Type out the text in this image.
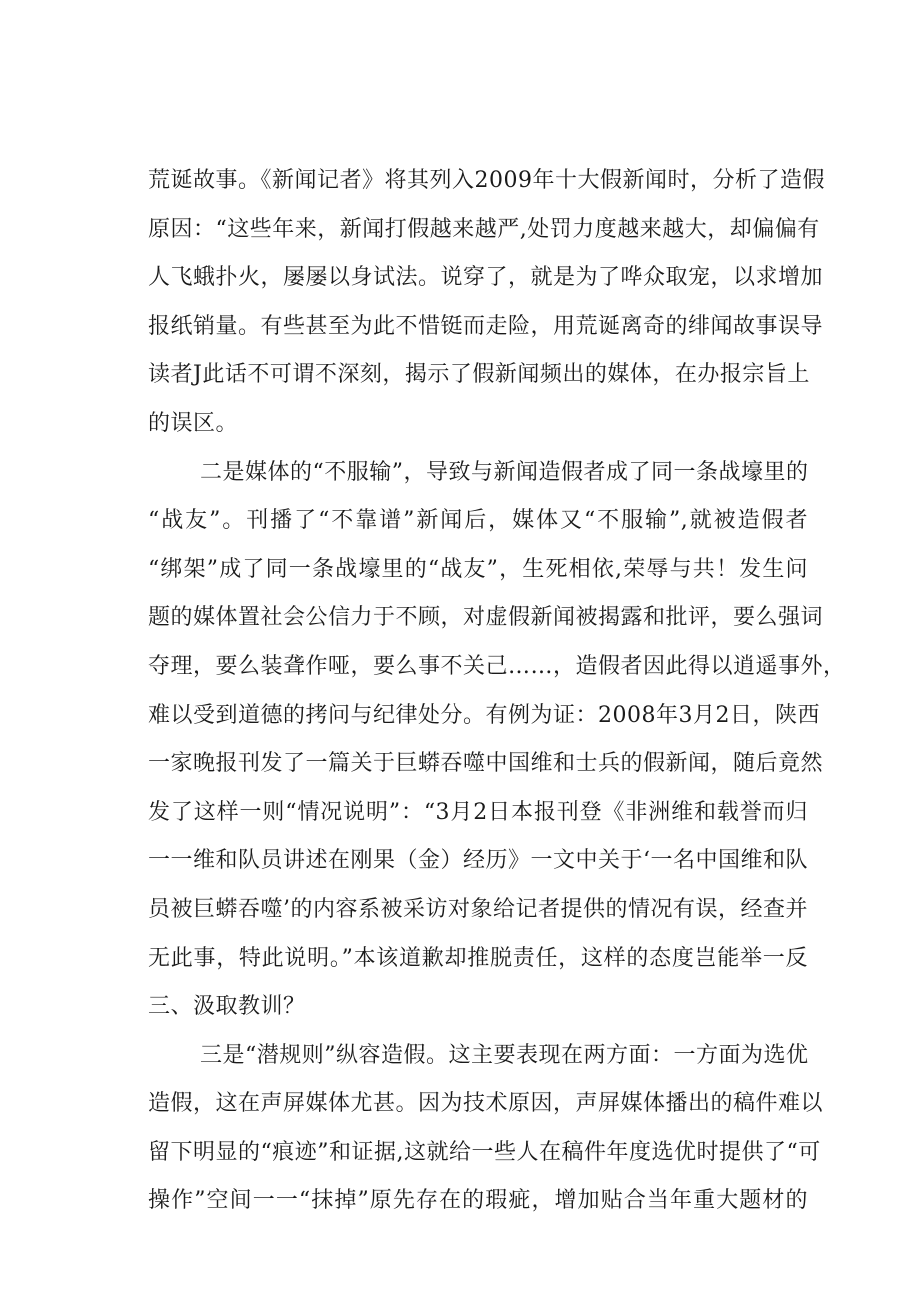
荒诞故事。《新闻记者》将其列入2009年十大假新闻时，分析了造假
原因：“这些年来，新闻打假越来越严,处罚力度越来越大，却偏偏有
人飞蛾扑火，屡屡以身试法。说穿了，就是为了哗众取宠，以求增加
报纸销量。有些甚至为此不惜铤而走险，用荒诞离奇的绯闻故事误导
读者J此话不可谓不深刻，揭示了假新闻频出的媒体，在办报宗旨上
的误区。
二是媒体的“不服输”，导致与新闻造假者成了同一条战壕里的
“战友”。刊播了“不靠谱”新闻后，媒体又“不服输”,就被造假者
“绑架”成了同一条战壕里的“战友”，生死相依,荣辱与共！发生问
题的媒体置社会公信力于不顾，对虚假新闻被揭露和批评，要么强词
夺理，要么装聋作哑，要么事不关己……，造假者因此得以逍遥事外，
难以受到道德的拷问与纪律处分。有例为证：2008年3月2日，陕西
一家晚报刊发了一篇关于巨蟒吞噬中国维和士兵的假新闻，随后竟然
发了这样一则“情况说明”：“3月2日本报刊登《非洲维和载誉而归
一一维和队员讲述在刚果（金）经历》一文中关于‘一名中国维和队
员被巨蟒吞噬’的内容系被采访对象给记者提供的情况有误，经查并
无此事，特此说明。”本该道歉却推脱责任，这样的态度岂能举一反
三、汲取教训？
三是“潜规则”纵容造假。这主要表现在两方面：一方面为选优
造假，这在声屏媒体尤甚。因为技术原因，声屏媒体播出的稿件难以
留下明显的“痕迹”和证据,这就给一些人在稿件年度选优时提供了“可
操作”空间一一“抹掉”原先存在的瑕疵，增加贴合当年重大题材的
